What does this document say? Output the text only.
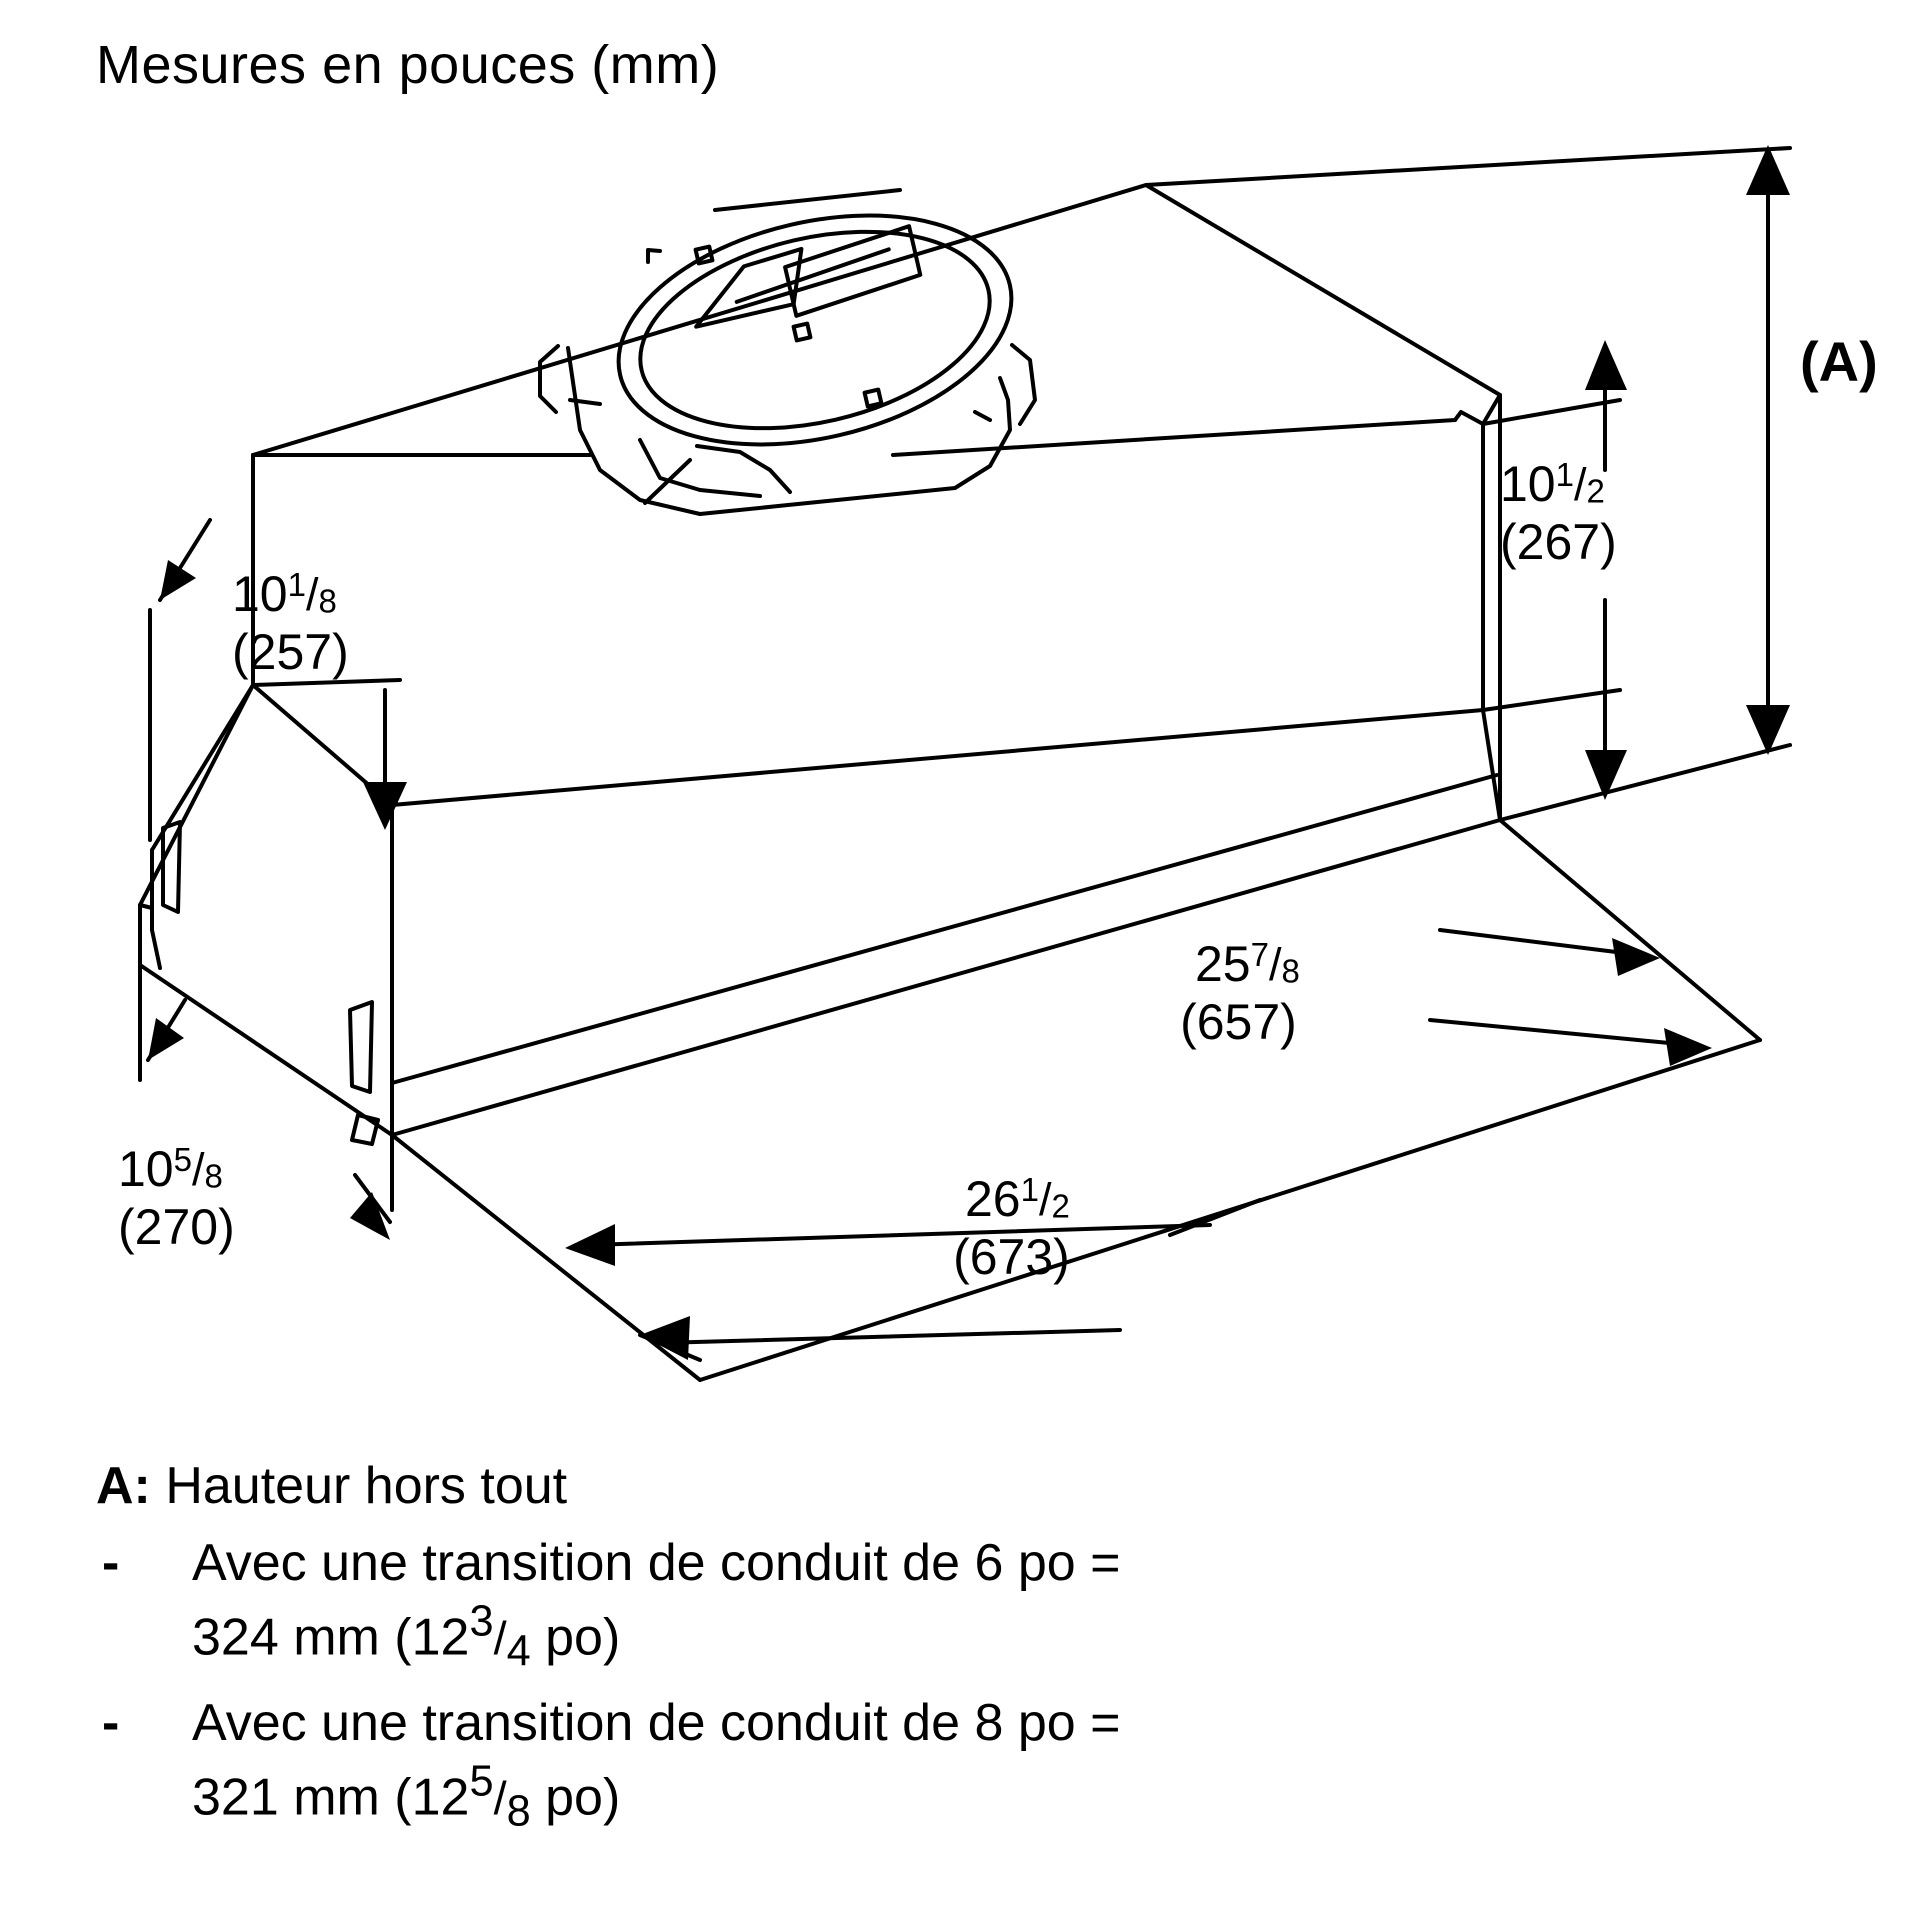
Mesures en pouces (mm)
(A)
$10^1/_2$
(267)
$10^1/_8$
(257)
$10^5/_8$
(270)
$25^7/_8$
(657)
$26^1/_2$
(673)
A: Hauteur hors tout
-	Avec une transition de conduit de 6 po =
324 mm ($12^3/_4$ po)
-	Avec une transition de conduit de 8 po =
321 mm ($12^5/_8$ po)
